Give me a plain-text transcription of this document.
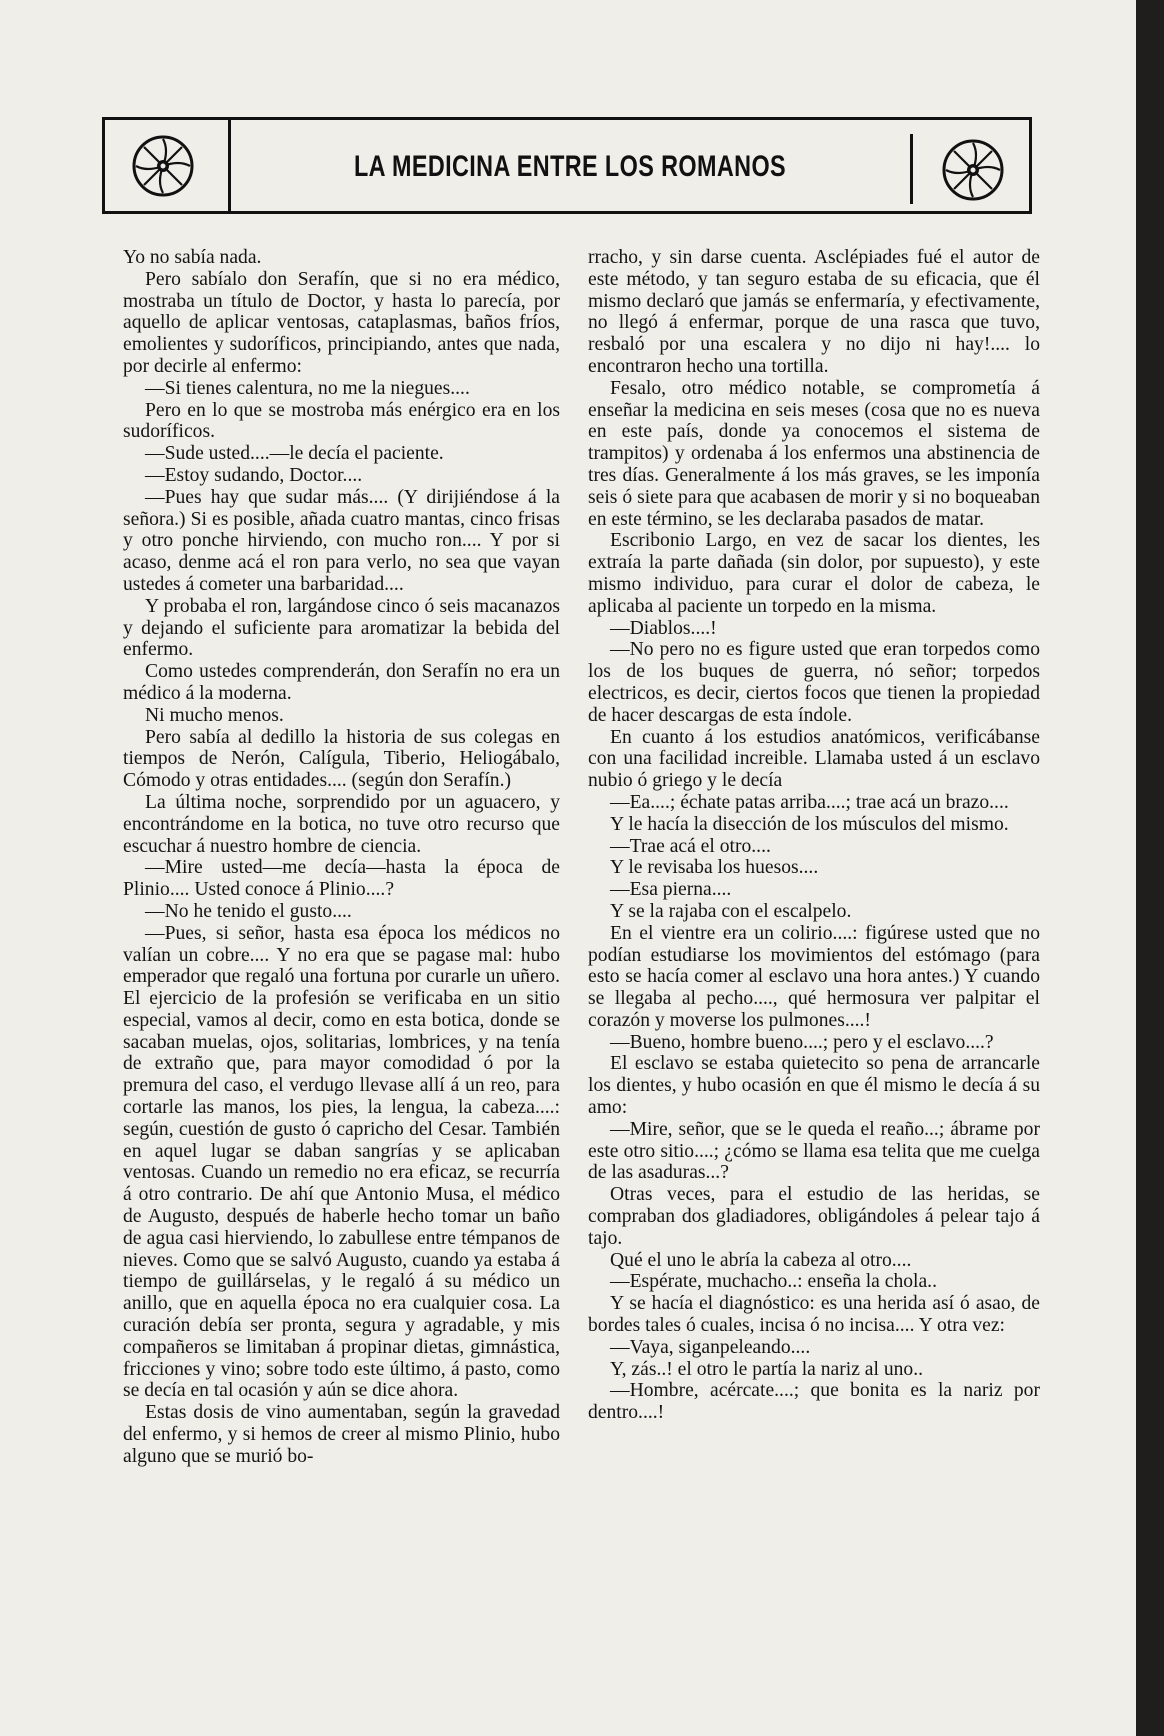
LA MEDICINA ENTRE LOS ROMANOS

Yo no sabía nada.

Pero sabíalo don Serafín, que si no era médico, mostraba un título de Doctor, y hasta lo parecía, por aquello de aplicar ventosas, cataplasmas, baños fríos, emolientes y sudoríficos, principiando, antes que nada, por decirle al enfermo:

—Si tienes calentura, no me la niegues....

Pero en lo que se mostroba más enérgico era en los sudoríficos.

—Sude usted....—le decía el paciente.

—Estoy sudando, Doctor....

—Pues hay que sudar más.... (Y dirijiéndose á la señora.) Si es posible, añada cuatro mantas, cinco frisas y otro ponche hirviendo, con mucho ron.... Y por si acaso, denme acá el ron para verlo, no sea que vayan ustedes á cometer una barbaridad....

Y probaba el ron, largándose cinco ó seis macanazos y dejando el suficiente para aromatizar la bebida del enfermo.

Como ustedes comprenderán, don Serafín no era un médico á la moderna.

Ni mucho menos.

Pero sabía al dedillo la historia de sus colegas en tiempos de Nerón, Calígula, Tiberio, Heliogábalo, Cómodo y otras entidades.... (según don Serafín.)

La última noche, sorprendido por un aguacero, y encontrándome en la botica, no tuve otro recurso que escuchar á nuestro hombre de ciencia.

—Mire usted—me decía—hasta la época de Plinio.... Usted conoce á Plinio....?

—No he tenido el gusto....

—Pues, si señor, hasta esa época los médicos no valían un cobre.... Y no era que se pagase mal: hubo emperador que regaló una fortuna por curarle un uñero. El ejercicio de la profesión se verificaba en un sitio especial, vamos al decir, como en esta botica, donde se sacaban muelas, ojos, solitarias, lombrices, y na tenía de extraño que, para mayor comodidad ó por la premura del caso, el verdugo llevase allí á un reo, para cortarle las manos, los pies, la lengua, la cabeza....: según, cuestión de gusto ó capricho del Cesar. También en aquel lugar se daban sangrías y se aplicaban ventosas. Cuando un remedio no era eficaz, se recurría á otro contrario. De ahí que Antonio Musa, el médico de Augusto, después de haberle hecho tomar un baño de agua casi hierviendo, lo zabullese entre témpanos de nieves. Como que se salvó Augusto, cuando ya estaba á tiempo de guillárselas, y le regaló á su médico un anillo, que en aquella época no era cualquier cosa. La curación debía ser pronta, segura y agradable, y mis compañeros se limitaban á propinar dietas, gimnástica, fricciones y vino; sobre todo este último, á pasto, como se decía en tal ocasión y aún se dice ahora.

Estas dosis de vino aumentaban, según la gravedad del enfermo, y si hemos de creer al mismo Plinio, hubo alguno que se murió bo-

rracho, y sin darse cuenta. Asclépiades fué el autor de este método, y tan seguro estaba de su eficacia, que él mismo declaró que jamás se enfermaría, y efectivamente, no llegó á enfermar, porque de una rasca que tuvo, resbaló por una escalera y no dijo ni hay!.... lo encontraron hecho una tortilla.

Fesalo, otro médico notable, se comprometía á enseñar la medicina en seis meses (cosa que no es nueva en este país, donde ya conocemos el sistema de trampitos) y ordenaba á los enfermos una abstinencia de tres días. Generalmente á los más graves, se les imponía seis ó siete para que acabasen de morir y si no boqueaban en este término, se les declaraba pasados de matar.

Escribonio Largo, en vez de sacar los dientes, les extraía la parte dañada (sin dolor, por supuesto), y este mismo individuo, para curar el dolor de cabeza, le aplicaba al paciente un torpedo en la misma.

—Diablos....!

—No pero no es figure usted que eran torpedos como los de los buques de guerra, nó señor; torpedos electricos, es decir, ciertos focos que tienen la propiedad de hacer descargas de esta índole.

En cuanto á los estudios anatómicos, verificábanse con una facilidad increible. Llamaba usted á un esclavo nubio ó griego y le decía

—Ea....; échate patas arriba....; trae acá un brazo....

Y le hacía la disección de los músculos del mismo.

—Trae acá el otro....

Y le revisaba los huesos....

—Esa pierna....

Y se la rajaba con el escalpelo.

En el vientre era un colirio....: figúrese usted que no podían estudiarse los movimientos del estómago (para esto se hacía comer al esclavo una hora antes.) Y cuando se llegaba al pecho...., qué hermosura ver palpitar el corazón y moverse los pulmones....!

—Bueno, hombre bueno....; pero y el esclavo....?

El esclavo se estaba quietecito so pena de arrancarle los dientes, y hubo ocasión en que él mismo le decía á su amo:

—Mire, señor, que se le queda el reaño...; ábrame por este otro sitio....; ¿cómo se llama esa telita que me cuelga de las asaduras...?

Otras veces, para el estudio de las heridas, se compraban dos gladiadores, obligándoles á pelear tajo á tajo.

Qué el uno le abría la cabeza al otro....

—Espérate, muchacho..: enseña la chola..

Y se hacía el diagnóstico: es una herida así ó asao, de bordes tales ó cuales, incisa ó no incisa.... Y otra vez:

—Vaya, siganpeleando....

Y, zás..! el otro le partía la nariz al uno..

—Hombre, acércate....; que bonita es la nariz por dentro....!
